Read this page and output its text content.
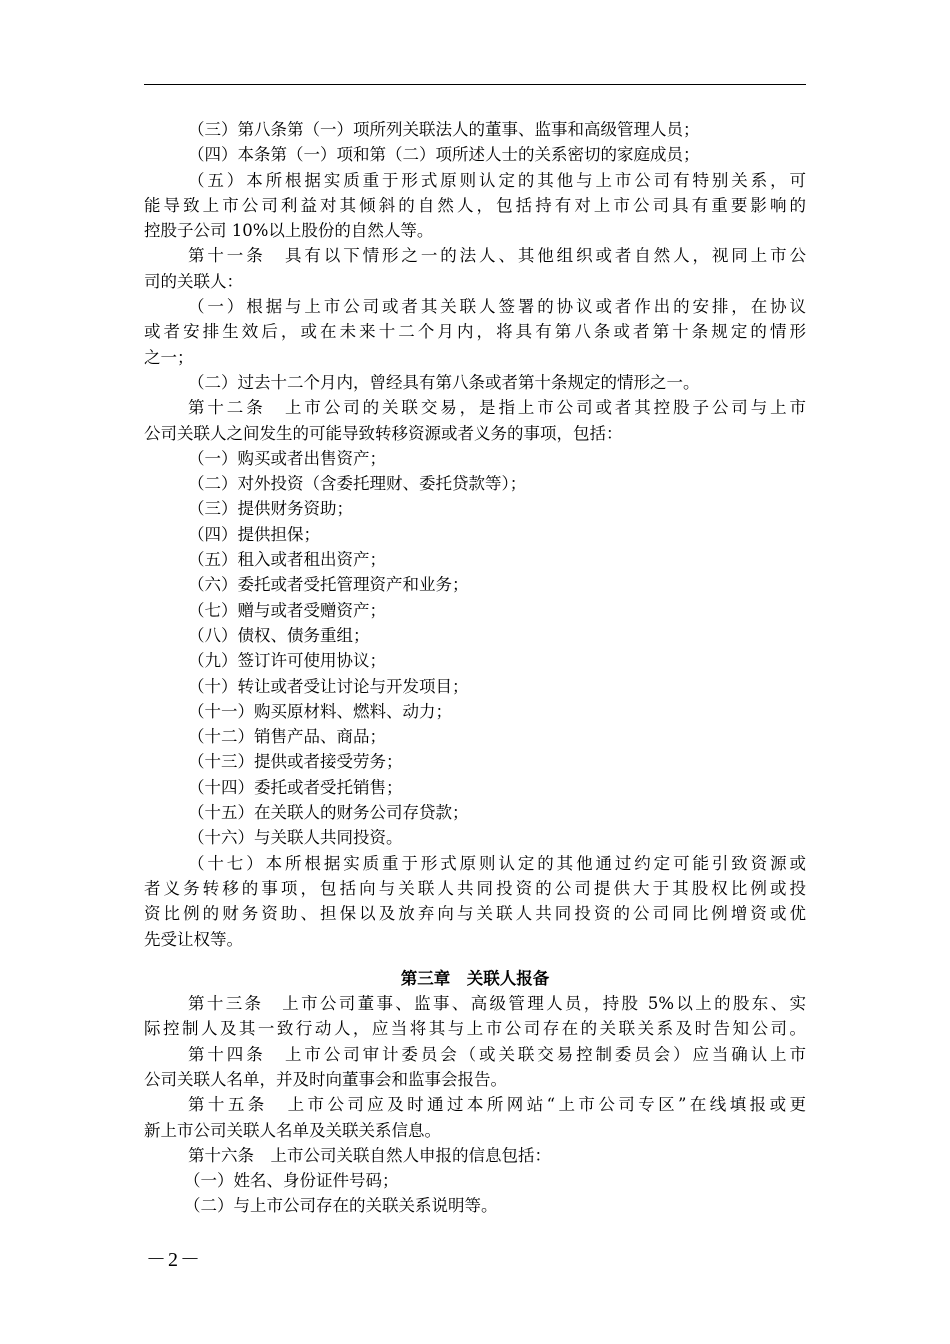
（三）第八条第（一）项所列关联法人的董事、监事和高级管理人员；
（四）本条第（一）项和第（二）项所述人士的关系密切的家庭成员；
（五）本所根据实质重于形式原则认定的其他与上市公司有特别关系，可
能导致上市公司利益对其倾斜的自然人，包括持有对上市公司具有重要影响的
控股子公司 10%以上股份的自然人等。
第十一条　具有以下情形之一的法人、其他组织或者自然人，视同上市公
司的关联人：
（一）根据与上市公司或者其关联人签署的协议或者作出的安排，在协议
或者安排生效后，或在未来十二个月内，将具有第八条或者第十条规定的情形
之一；
（二）过去十二个月内，曾经具有第八条或者第十条规定的情形之一。
第十二条　上市公司的关联交易，是指上市公司或者其控股子公司与上市
公司关联人之间发生的可能导致转移资源或者义务的事项，包括：
（一）购买或者出售资产；
（二）对外投资（含委托理财、委托贷款等）；
（三）提供财务资助；
（四）提供担保；
（五）租入或者租出资产；
（六）委托或者受托管理资产和业务；
（七）赠与或者受赠资产；
（八）债权、债务重组；
（九）签订许可使用协议；
（十）转让或者受让讨论与开发项目；
（十一）购买原材料、燃料、动力；
（十二）销售产品、商品；
（十三）提供或者接受劳务；
（十四）委托或者受托销售；
（十五）在关联人的财务公司存贷款；
（十六）与关联人共同投资。
（十七）本所根据实质重于形式原则认定的其他通过约定可能引致资源或
者义务转移的事项，包括向与关联人共同投资的公司提供大于其股权比例或投
资比例的财务资助、担保以及放弃向与关联人共同投资的公司同比例增资或优
先受让权等。
第三章　关联人报备
第十三条　上市公司董事、监事、高级管理人员，持股 5%以上的股东、实
际控制人及其一致行动人，应当将其与上市公司存在的关联关系及时告知公司。
第十四条　上市公司审计委员会（或关联交易控制委员会）应当确认上市
公司关联人名单，并及时向董事会和监事会报告。
第十五条　上市公司应及时通过本所网站“上市公司专区”在线填报或更
新上市公司关联人名单及关联关系信息。
第十六条　上市公司关联自然人申报的信息包括：
（一）姓名、身份证件号码；
（二）与上市公司存在的关联关系说明等。
－2－
